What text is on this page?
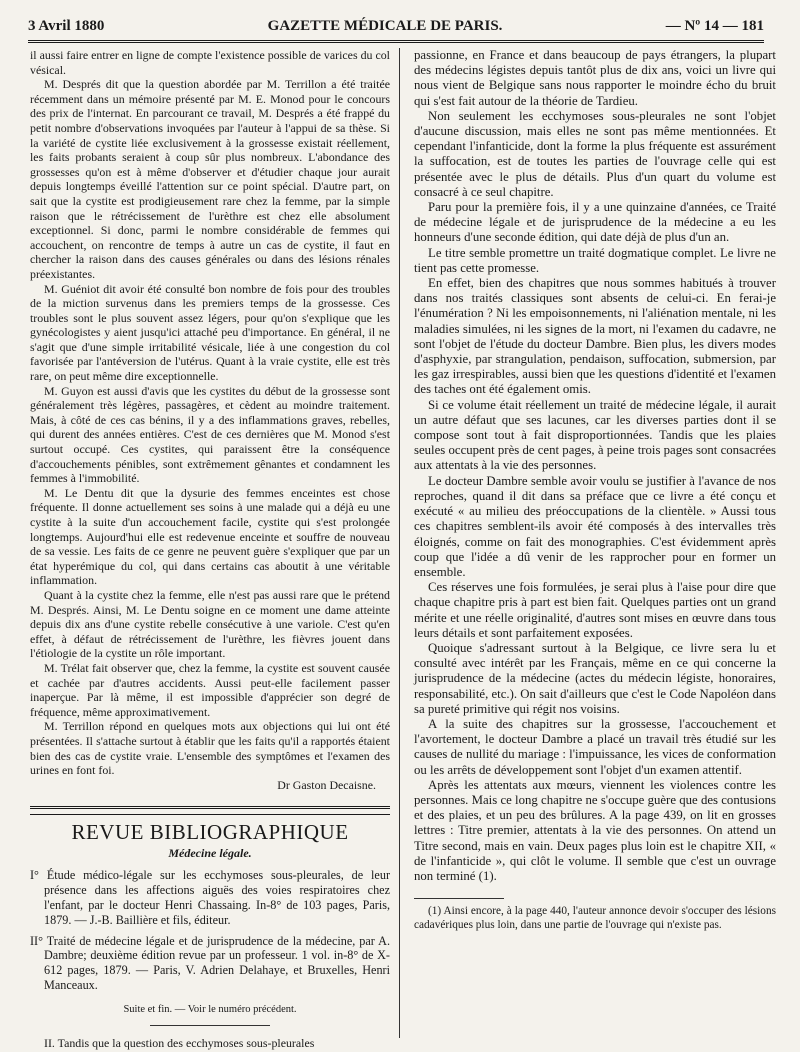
3 Avril 1880	GAZETTE MÉDICALE DE PARIS.	— Nº 14 — 181

il aussi faire entrer en ligne de compte l'existence possible de varices du col vésical.

M. Després dit que la question abordée par M. Terrillon a été traitée récemment dans un mémoire présenté par M. E. Monod pour le concours des prix de l'internat. En parcourant ce travail, M. Després a été frappé du petit nombre d'observations invoquées par l'auteur à l'appui de sa thèse. Si la variété de cystite liée exclusivement à la grossesse existait réellement, les faits probants seraient à coup sûr plus nombreux. L'abondance des grossesses qu'on est à même d'observer et d'étudier chaque jour aurait depuis longtemps éveillé l'attention sur ce point spécial. D'autre part, on sait que la cystite est prodigieusement rare chez la femme, par la simple raison que le rétrécissement de l'urèthre est chez elle absolument exceptionnel. Si donc, parmi le nombre considérable de femmes qui accouchent, on rencontre de temps à autre un cas de cystite, il faut en chercher la raison dans des causes générales ou dans des lésions rénales préexistantes.

M. Guéniot dit avoir été consulté bon nombre de fois pour des troubles de la miction survenus dans les premiers temps de la grossesse. Ces troubles sont le plus souvent assez légers, pour qu'on s'explique que les gynécologistes y aient jusqu'ici attaché peu d'importance. En général, il ne s'agit que d'une simple irritabilité vésicale, liée à une congestion du col favorisée par l'antéversion de l'utérus. Quant à la vraie cystite, elle est très rare, on peut même dire exceptionnelle.

M. Guyon est aussi d'avis que les cystites du début de la grossesse sont généralement très légères, passagères, et cèdent au moindre traitement. Mais, à côté de ces cas bénins, il y a des inflammations graves, rebelles, qui durent des années entières. C'est de ces dernières que M. Monod s'est surtout occupé. Ces cystites, qui paraissent être la conséquence d'accouchements pénibles, sont extrêmement gênantes et condamnent les femmes à l'immobilité.

M. Le Dentu dit que la dysurie des femmes enceintes est chose fréquente. Il donne actuellement ses soins à une malade qui a déjà eu une cystite à la suite d'un accouchement facile, cystite qui s'est prolongée longtemps. Aujourd'hui elle est redevenue enceinte et souffre de nouveau de sa vessie. Les faits de ce genre ne peuvent guère s'expliquer que par un état hyperémique du col, qui dans certains cas aboutit à une véritable inflammation.

Quant à la cystite chez la femme, elle n'est pas aussi rare que le prétend M. Després. Ainsi, M. Le Dentu soigne en ce moment une dame atteinte depuis dix ans d'une cystite rebelle consécutive à une variole. C'est qu'en effet, à défaut de rétrécissement de l'urèthre, les fièvres jouent dans l'étiologie de la cystite un rôle important.

M. Trélat fait observer que, chez la femme, la cystite est souvent causée et cachée par d'autres accidents. Aussi peut-elle facilement passer inaperçue. Par là même, il est impossible d'apprécier son degré de fréquence, même approximativement.

M. Terrillon répond en quelques mots aux objections qui lui ont été présentées. Il s'attache surtout à établir que les faits qu'il a rapportés étaient bien des cas de cystite vraie. L'ensemble des symptômes et l'examen des urines en font foi.

Dr Gaston Decaisne.

REVUE BIBLIOGRAPHIQUE

Médecine légale.

I° Étude médico-légale sur les ecchymoses sous-pleurales, de leur présence dans les affections aiguës des voies respiratoires chez l'enfant, par le docteur Henri Chassaing. In-8° de 103 pages, Paris, 1879. — J.-B. Baillière et fils, éditeur.

II° Traité de médecine légale et de jurisprudence de la médecine, par A. Dambre; deuxième édition revue par un professeur. 1 vol. in-8° de X-612 pages, 1879. — Paris, V. Adrien Delahaye, et Bruxelles, Henri Manceaux.

Suite et fin. — Voir le numéro précédent.

II. Tandis que la question des ecchymoses sous-pleurales

passionne, en France et dans beaucoup de pays étrangers, la plupart des médecins légistes depuis tantôt plus de dix ans, voici un livre qui nous vient de Belgique sans nous rapporter le moindre écho du bruit qui s'est fait autour de la théorie de Tardieu.

Non seulement les ecchymoses sous-pleurales ne sont l'objet d'aucune discussion, mais elles ne sont pas même mentionnées. Et cependant l'infanticide, dont la forme la plus fréquente est assurément la suffocation, est de toutes les parties de l'ouvrage celle qui est présentée avec le plus de détails. Plus d'un quart du volume est consacré à ce seul chapitre.

Paru pour la première fois, il y a une quinzaine d'années, ce Traité de médecine légale et de jurisprudence de la médecine a eu les honneurs d'une seconde édition, qui date déjà de plus d'un an.

Le titre semble promettre un traité dogmatique complet. Le livre ne tient pas cette promesse.

En effet, bien des chapitres que nous sommes habitués à trouver dans nos traités classiques sont absents de celui-ci. En ferai-je l'énumération ? Ni les empoisonnements, ni l'aliénation mentale, ni les maladies simulées, ni les signes de la mort, ni l'examen du cadavre, ne sont l'objet de l'étude du docteur Dambre. Bien plus, les divers modes d'asphyxie, par strangulation, pendaison, suffocation, submersion, par les gaz irrespirables, aussi bien que les questions d'identité et l'examen des taches ont été également omis.

Si ce volume était réellement un traité de médecine légale, il aurait un autre défaut que ses lacunes, car les diverses parties dont il se compose sont tout à fait disproportionnées. Tandis que les plaies seules occupent près de cent pages, à peine trois pages sont consacrées aux attentats à la vie des personnes.

Le docteur Dambre semble avoir voulu se justifier à l'avance de nos reproches, quand il dit dans sa préface que ce livre a été conçu et exécuté « au milieu des préoccupations de la clientèle. » Aussi tous ces chapitres semblent-ils avoir été composés à des intervalles très éloignés, comme on fait des monographies. C'est évidemment après coup que l'idée a dû venir de les rapprocher pour en former un ensemble.

Ces réserves une fois formulées, je serai plus à l'aise pour dire que chaque chapitre pris à part est bien fait. Quelques parties ont un grand mérite et une réelle originalité, d'autres sont mises en œuvre dans tous leurs détails et sont parfaitement exposées.

Quoique s'adressant surtout à la Belgique, ce livre sera lu et consulté avec intérêt par les Français, même en ce qui concerne la jurisprudence de la médecine (actes du médecin légiste, honoraires, responsabilité, etc.). On sait d'ailleurs que c'est le Code Napoléon dans sa pureté primitive qui régit nos voisins.

A la suite des chapitres sur la grossesse, l'accouchement et l'avortement, le docteur Dambre a placé un travail très étudié sur les causes de nullité du mariage : l'impuissance, les vices de conformation ou les arrêts de développement sont l'objet d'un examen attentif.

Après les attentats aux mœurs, viennent les violences contre les personnes. Mais ce long chapitre ne s'occupe guère que des contusions et des plaies, et un peu des brûlures. A la page 439, on lit en grosses lettres : Titre premier, attentats à la vie des personnes. On attend un Titre second, mais en vain. Deux pages plus loin est le chapitre XII, « de l'infanticide », qui clôt le volume. Il semble que c'est un ouvrage non terminé (1).

(1) Ainsi encore, à la page 440, l'auteur annonce devoir s'occuper des lésions cadavériques plus loin, dans une partie de l'ouvrage qui n'existe pas.
